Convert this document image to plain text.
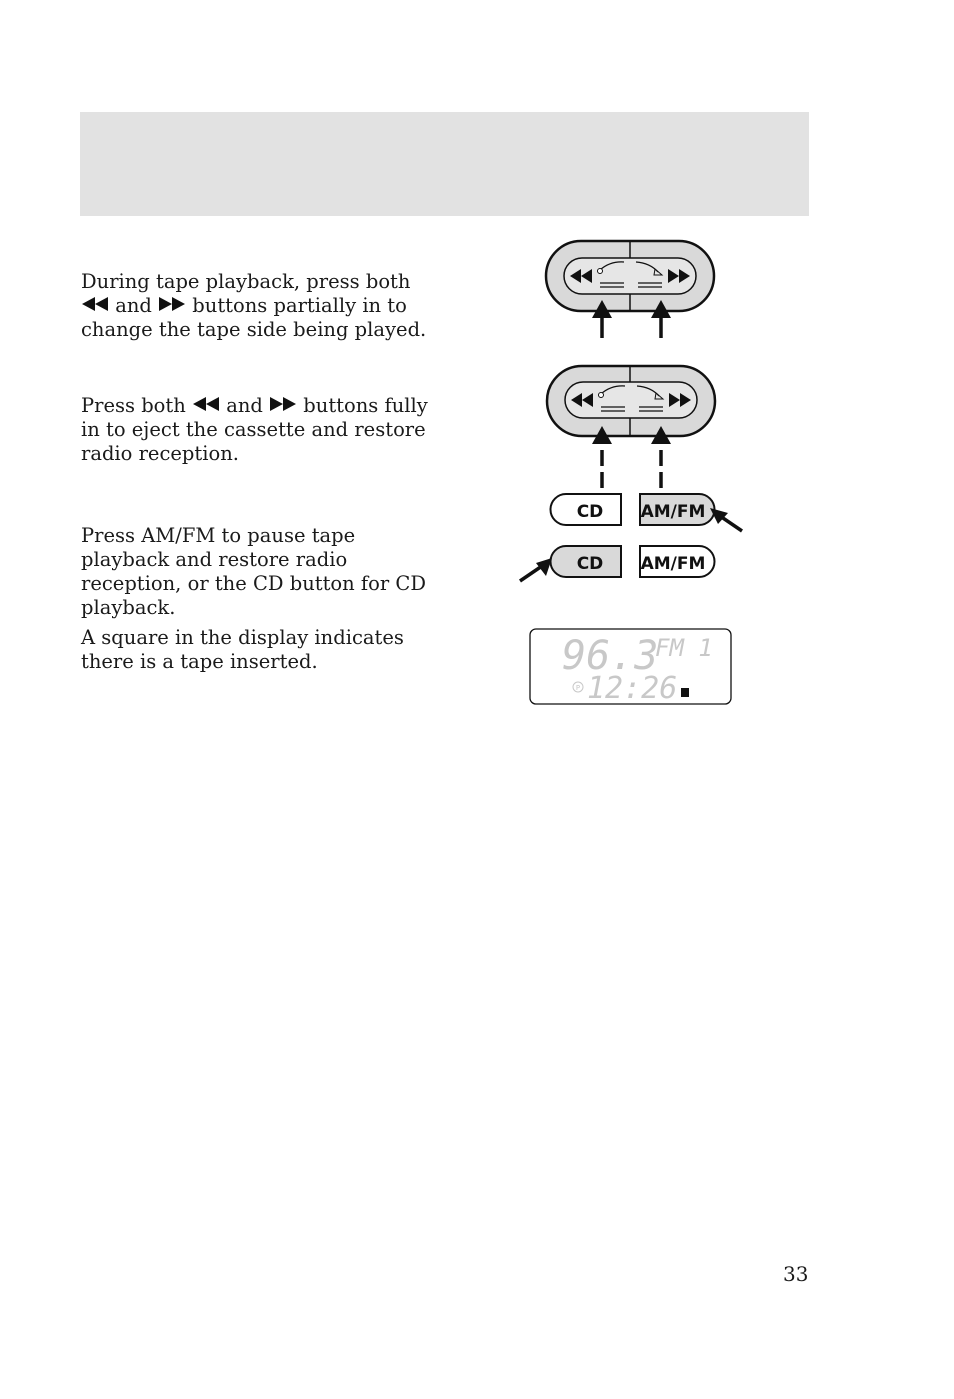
During tape playback, press both
and buttons partially in to change the tape side being played.

Press both and buttons fully in to eject the cassette and restore radio reception.

Press AM/FM to pause tape playback and restore radio reception, or the CD button for CD playback.

A square in the display indicates there is a tape inserted.

CD AM/FM
CD AM/FM
96.3
FM 1
P 12:26
33
